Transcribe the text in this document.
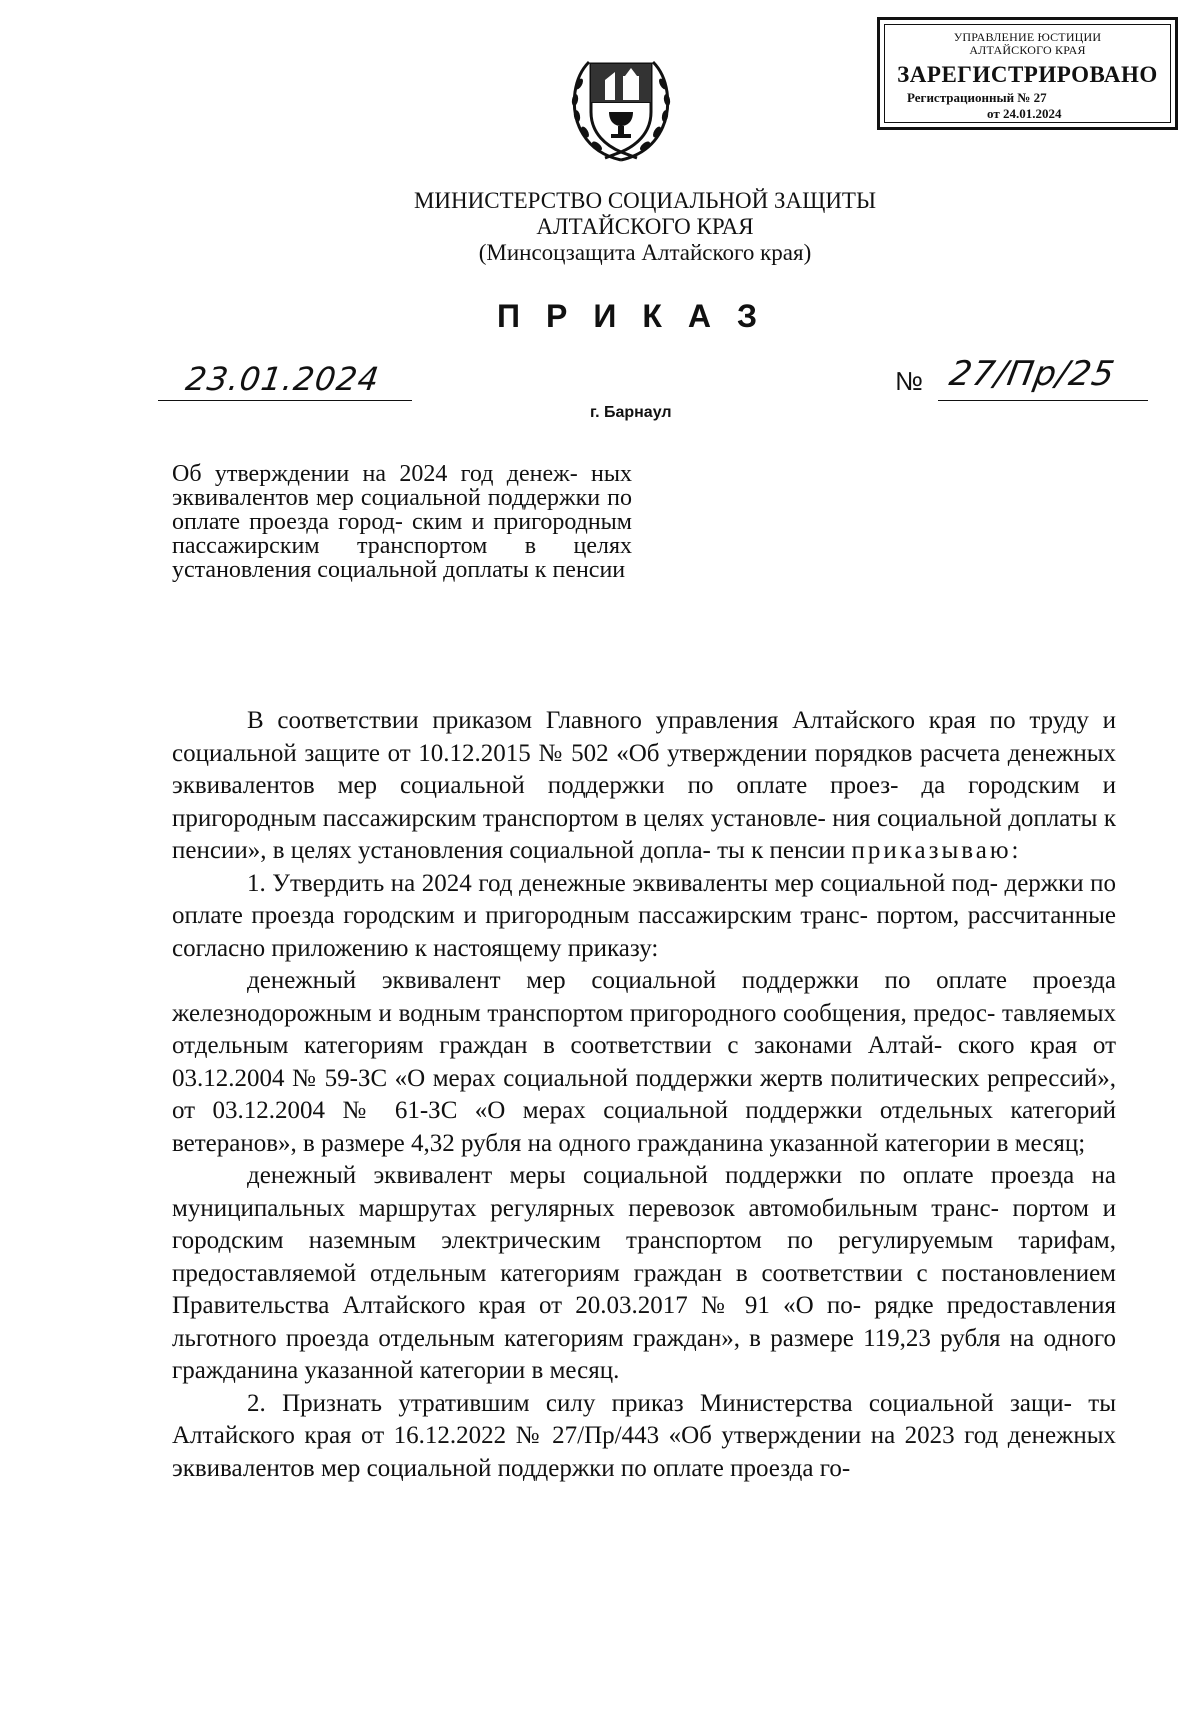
УПРАВЛЕНИЕ ЮСТИЦИИ
АЛТАЙСКОГО КРАЯ
ЗАРЕГИСТРИРОВАНО
Регистрационный № 27
от 24.01.2024
МИНИСТЕРСТВО СОЦИАЛЬНОЙ ЗАЩИТЫ
АЛТАЙСКОГО КРАЯ
(Минсоцзащита Алтайского края)
ПРИКАЗ
23.01.2024	№ 27/Пр/25
г. Барнаул
Об утверждении на 2024 год денеж- ных эквивалентов мер социальной поддержки по оплате проезда город- ским и пригородным пассажирским транспортом в целях установления социальной доплаты к пенсии

В соответствии приказом Главного управления Алтайского края по труду и социальной защите от 10.12.2015 № 502 «Об утверждении порядков расчета денежных эквивалентов мер социальной поддержки по оплате проез- да городским и пригородным пассажирским транспортом в целях установле- ния социальной доплаты к пенсии», в целях установления социальной допла- ты к пенсии приказываю:

1. Утвердить на 2024 год денежные эквиваленты мер социальной под- держки по оплате проезда городским и пригородным пассажирским транс- портом, рассчитанные согласно приложению к настоящему приказу:

денежный эквивалент мер социальной поддержки по оплате проезда железнодорожным и водным транспортом пригородного сообщения, предос- тавляемых отдельным категориям граждан в соответствии с законами Алтай- ского края от 03.12.2004 № 59-ЗС «О мерах социальной поддержки жертв политических репрессий», от 03.12.2004 № 61-ЗС «О мерах социальной поддержки отдельных категорий ветеранов», в размере 4,32 рубля на одного гражданина указанной категории в месяц;

денежный эквивалент меры социальной поддержки по оплате проезда на муниципальных маршрутах регулярных перевозок автомобильным транс- портом и городским наземным электрическим транспортом по регулируемым тарифам, предоставляемой отдельным категориям граждан в соответствии с постановлением Правительства Алтайского края от 20.03.2017 № 91 «О по- рядке предоставления льготного проезда отдельным категориям граждан», в размере 119,23 рубля на одного гражданина указанной категории в месяц.

2. Признать утратившим силу приказ Министерства социальной защи- ты Алтайского края от 16.12.2022 № 27/Пр/443 «Об утверждении на 2023 год денежных эквивалентов мер социальной поддержки по оплате проезда го-
